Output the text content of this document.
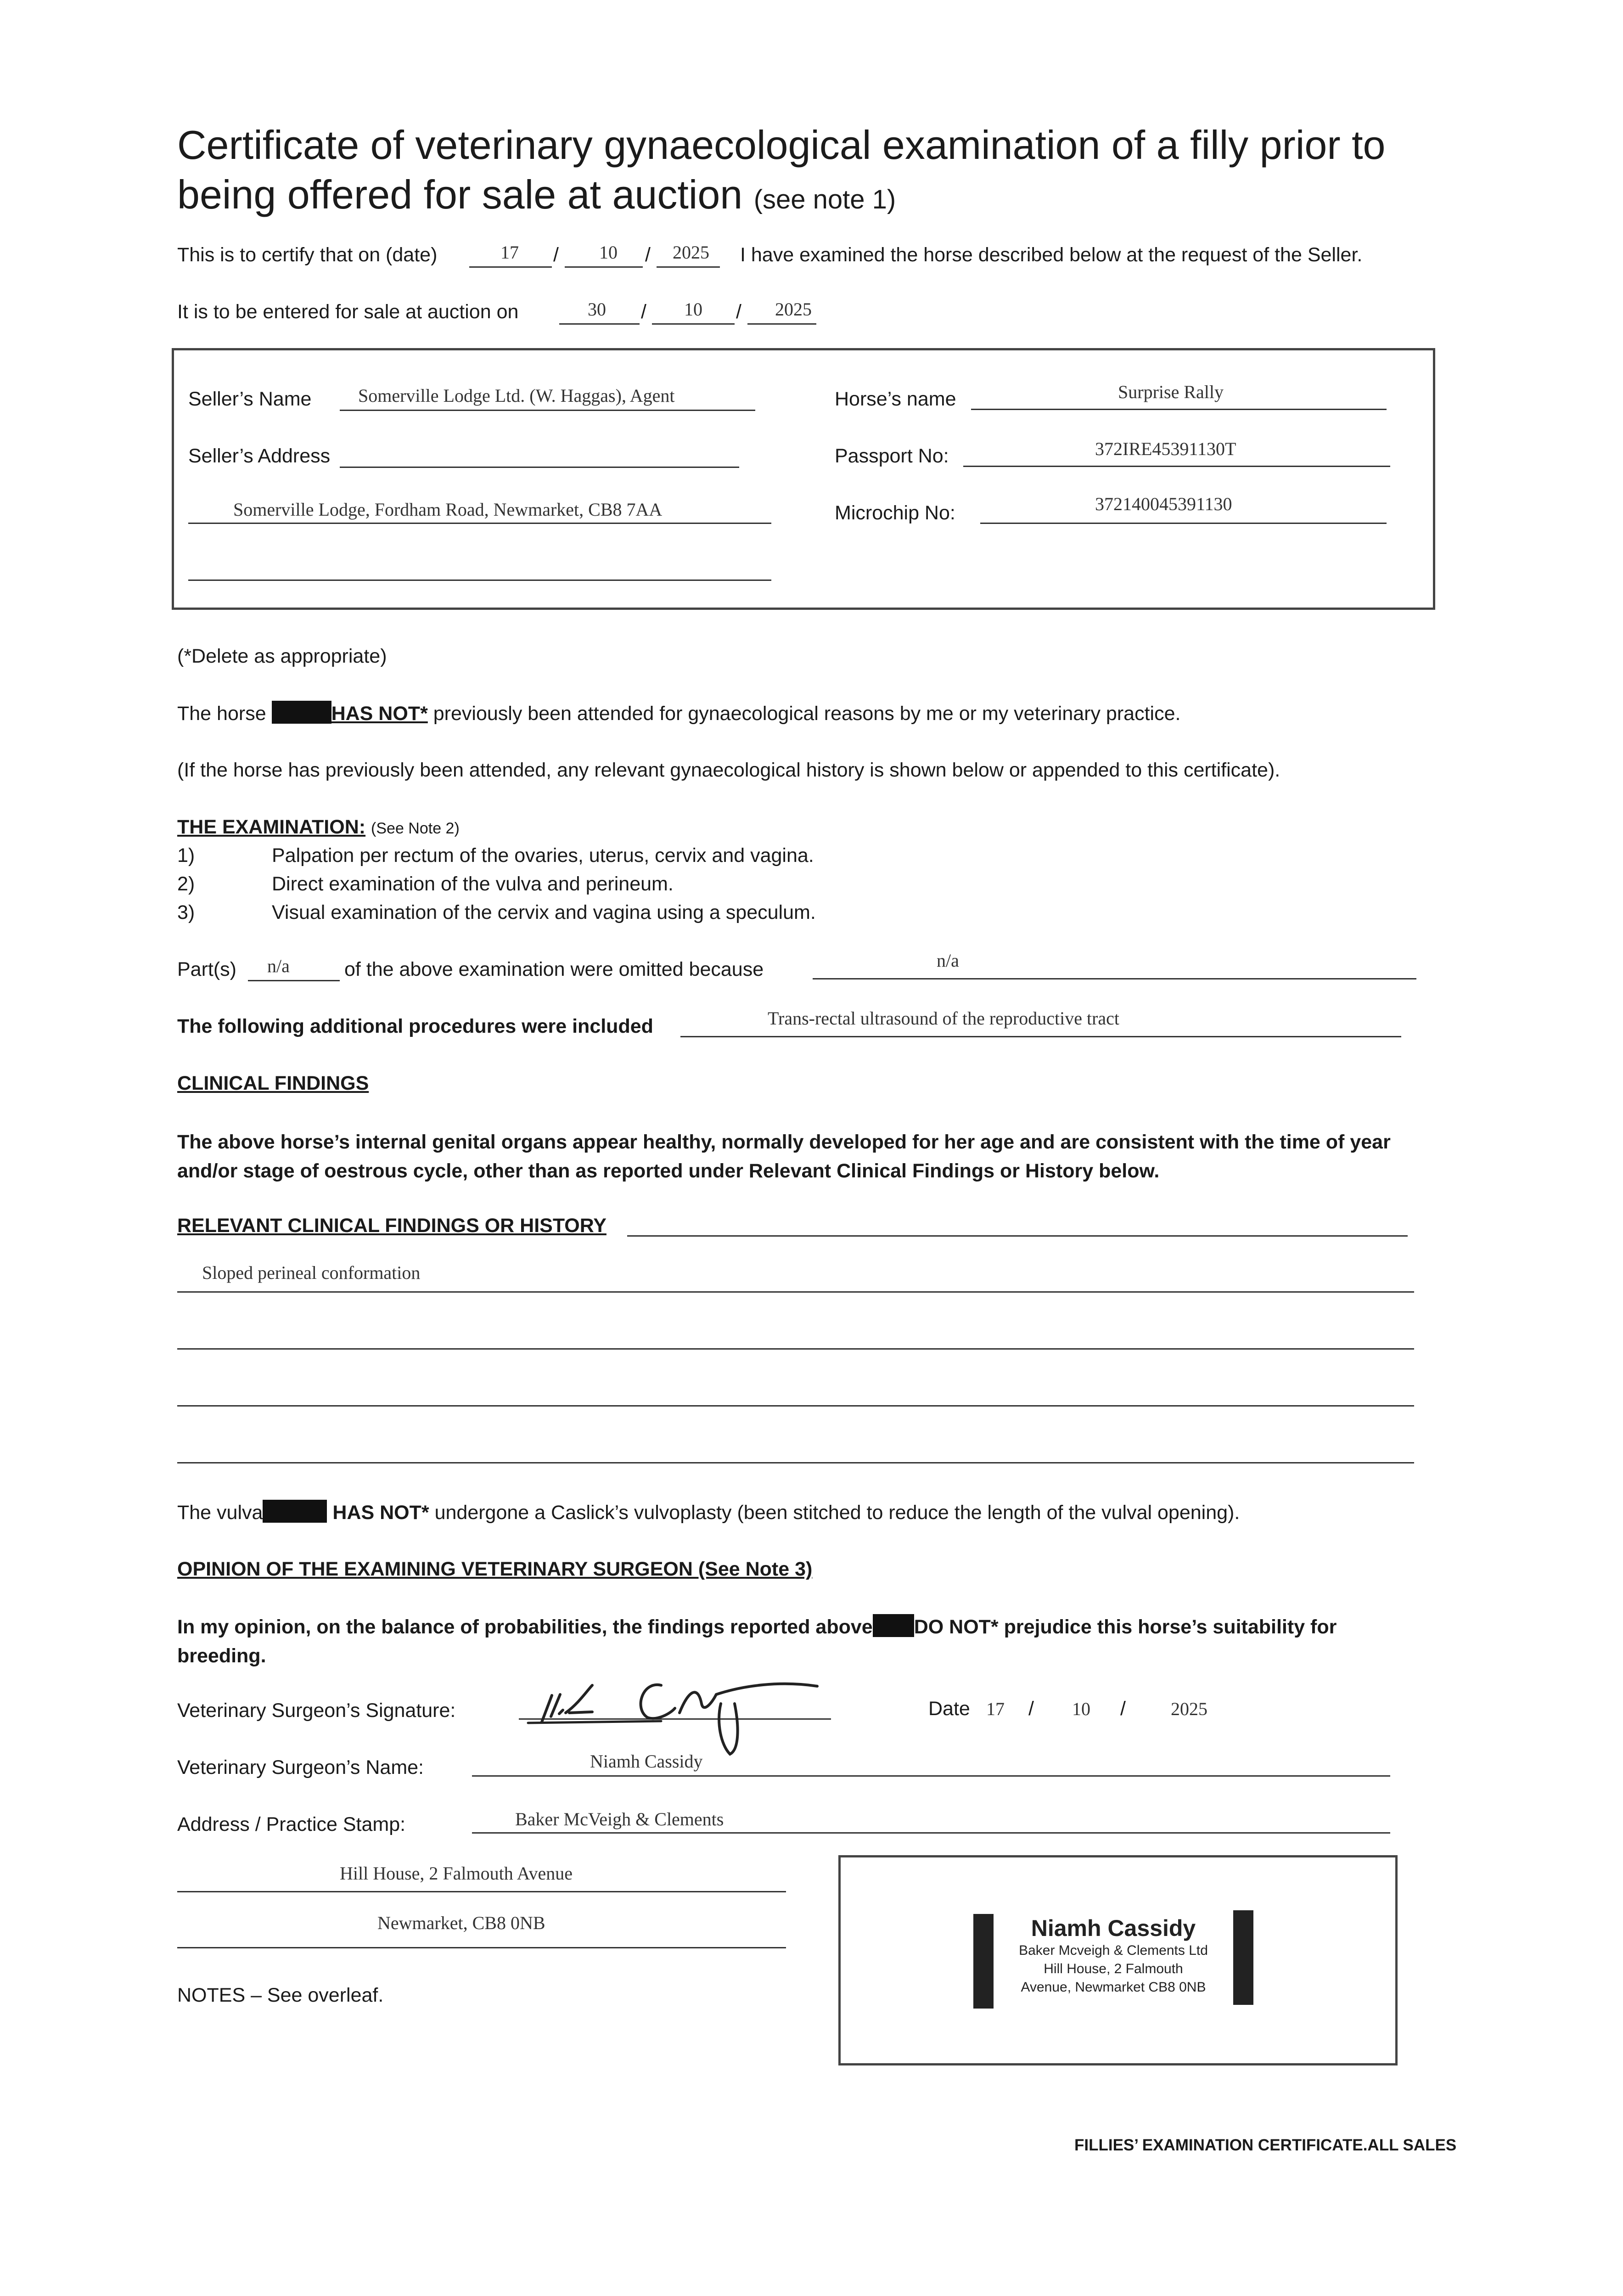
Certificate of veterinary gynaecological examination of a filly prior to
being offered for sale at auction (see note 1)
This is to certify that on (date)	17 / 10 / 2025 I have examined the horse described below at the request of the Seller.
It is to be entered for sale at auction on	30 / 10 / 2025
Seller’s Name	Somerville Lodge Ltd. (W. Haggas), Agent
Seller’s Address
Somerville Lodge, Fordham Road, Newmarket, CB8 7AA
Horse’s name	Surprise Rally
Passport No:	372IRE45391130T
Microchip No:	372140045391130
(*Delete as appropriate)
The horse	HAS NOT* previously been attended for gynaecological reasons by me or my veterinary practice.
(If the horse has previously been attended, any relevant gynaecological history is shown below or appended to this certificate).
THE EXAMINATION: (See Note 2)
1)	Palpation per rectum of the ovaries, uterus, cervix and vagina.
2)	Direct examination of the vulva and perineum.
3)	Visual examination of the cervix and vagina using a speculum.
Part(s) n/a	of the above examination were omitted because	n/a
The following additional procedures were included	Trans-rectal ultrasound of the reproductive tract
CLINICAL FINDINGS
The above horse’s internal genital organs appear healthy, normally developed for her age and are consistent with the time of year and/or stage of oestrous cycle, other than as reported under Relevant Clinical Findings or History below.
RELEVANT CLINICAL FINDINGS OR HISTORY
Sloped perineal conformation
The vulva	HAS NOT* undergone a Caslick’s vulvoplasty (been stitched to reduce the length of the vulval opening).
OPINION OF THE EXAMINING VETERINARY SURGEON (See Note 3)
In my opinion, on the balance of probabilities, the findings reported above DO NOT* prejudice this horse’s suitability for breeding.
Veterinary Surgeon’s Signature:	Date 17 / 10 / 2025
Veterinary Surgeon’s Name:	Niamh Cassidy
Address / Practice Stamp:	Baker McVeigh & Clements
Hill House, 2 Falmouth Avenue
Newmarket, CB8 0NB
NOTES – See overleaf.
Niamh Cassidy
Baker Mcveigh & Clements Ltd
Hill House, 2 Falmouth
Avenue, Newmarket CB8 0NB
FILLIES’ EXAMINATION CERTIFICATE.ALL SALES
